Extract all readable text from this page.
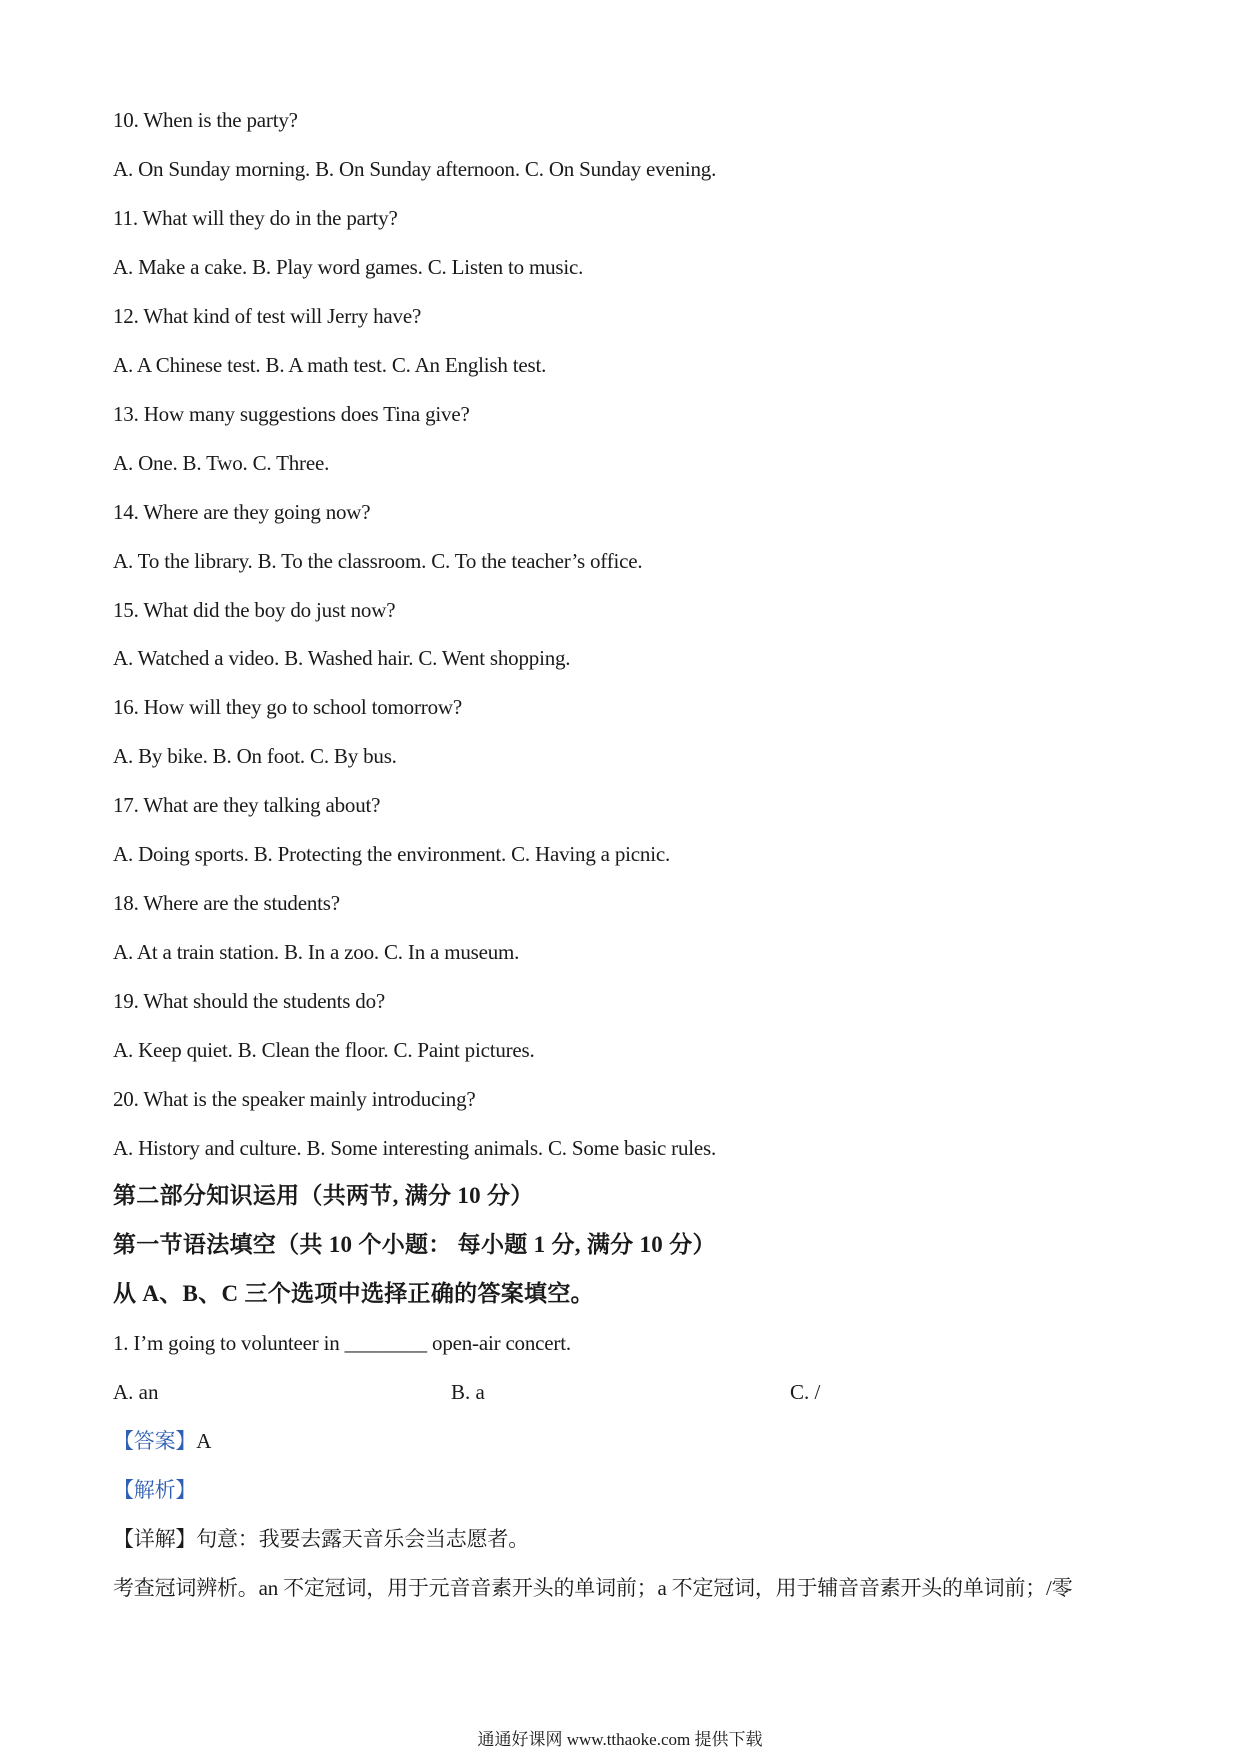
10. When is the party?
A. On Sunday morning. B. On Sunday afternoon. C. On Sunday evening.
11. What will they do in the party?
A. Make a cake. B. Play word games. C. Listen to music.
12. What kind of test will Jerry have?
A. A Chinese test. B. A math test. C. An English test.
13. How many suggestions does Tina give?
A. One. B. Two. C. Three.
14. Where are they going now?
A. To the library. B. To the classroom. C. To the teacher’s office.
15. What did the boy do just now?
A. Watched a video. B. Washed hair. C. Went shopping.
16. How will they go to school tomorrow?
A. By bike. B. On foot. C. By bus.
17. What are they talking about?
A. Doing sports. B. Protecting the environment. C. Having a picnic.
18. Where are the students?
A. At a train station. B. In a zoo. C. In a museum.
19. What should the students do?
A. Keep quiet. B. Clean the floor. C. Paint pictures.
20. What is the speaker mainly introducing?
A. History and culture. B. Some interesting animals. C. Some basic rules.
第二部分知识运用（共两节, 满分 10 分）
第一节语法填空（共 10 个小题： 每小题 1 分, 满分 10 分）
从 A、B、C 三个选项中选择正确的答案填空。
1. I’m going to volunteer in ________ open-air concert.
A. an	B. a	C. /
【答案】A
【解析】
【详解】句意：我要去露天音乐会当志愿者。
考查冠词辨析。an 不定冠词，用于元音音素开头的单词前；a 不定冠词，用于辅音音素开头的单词前；/零
通通好课网 www.tthaoke.com 提供下载
